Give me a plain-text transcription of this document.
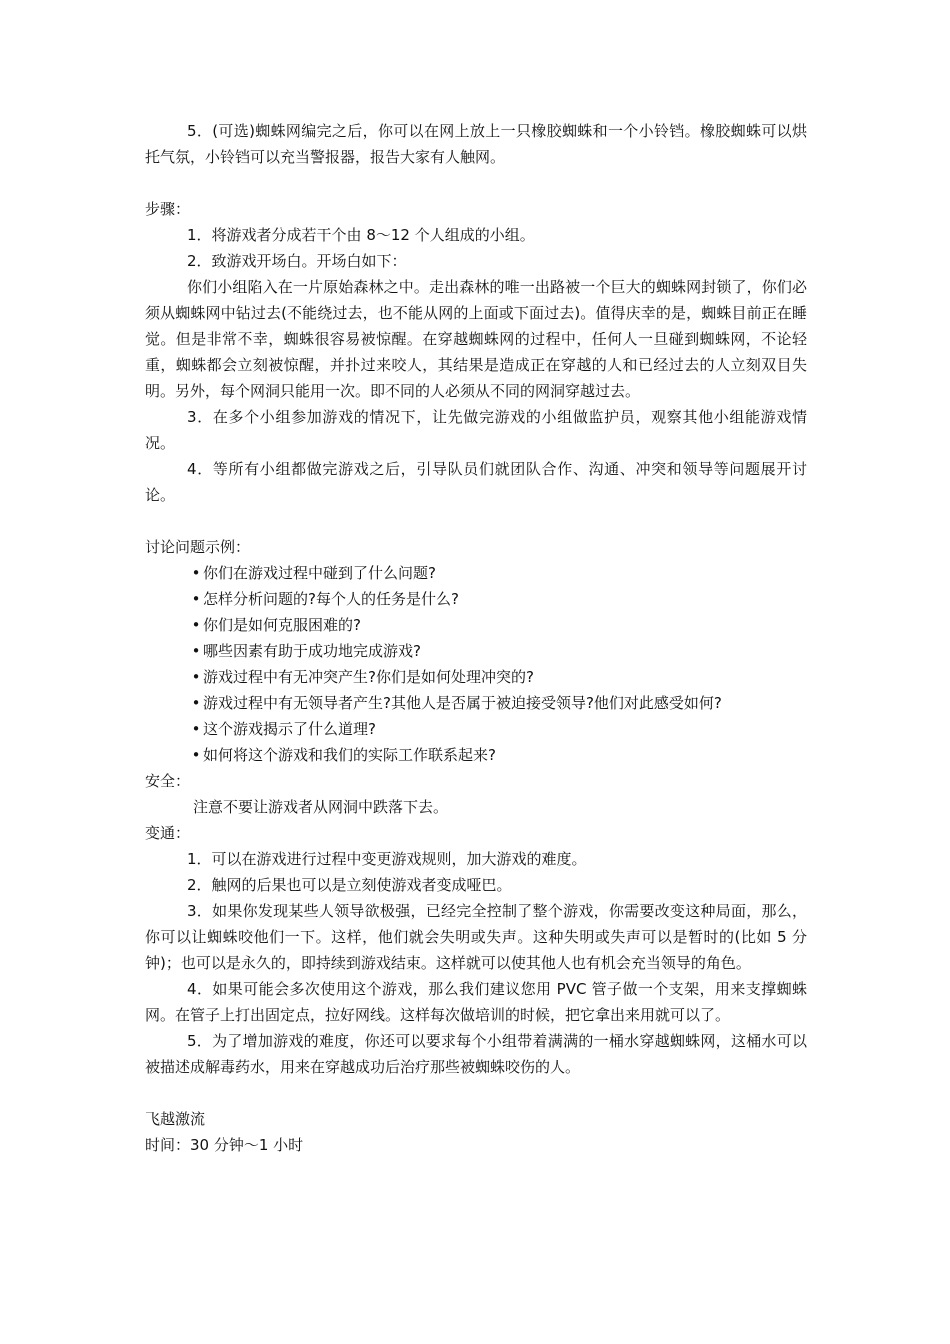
5．(可选)蜘蛛网编完之后，你可以在网上放上一只橡胶蜘蛛和一个小铃铛。橡胶蜘蛛可以烘托气氛，小铃铛可以充当警报器，报告大家有人触网。

步骤：

1．将游戏者分成若干个由 8～12 个人组成的小组。

2．致游戏开场白。开场白如下：

你们小组陷入在一片原始森林之中。走出森林的唯一出路被一个巨大的蜘蛛网封锁了，你们必须从蜘蛛网中钻过去(不能绕过去，也不能从网的上面或下面过去)。值得庆幸的是，蜘蛛目前正在睡觉。但是非常不幸，蜘蛛很容易被惊醒。在穿越蜘蛛网的过程中，任何人一旦碰到蜘蛛网，不论轻重，蜘蛛都会立刻被惊醒，并扑过来咬人，其结果是造成正在穿越的人和已经过去的人立刻双目失明。另外，每个网洞只能用一次。即不同的人必须从不同的网洞穿越过去。

3．在多个小组参加游戏的情况下，让先做完游戏的小组做监护员，观察其他小组能游戏情况。

4．等所有小组都做完游戏之后，引导队员们就团队合作、沟通、冲突和领导等问题展开讨论。

讨论问题示例：

• 你们在游戏过程中碰到了什么问题?

• 怎样分析问题的?每个人的任务是什么?

• 你们是如何克服困难的?

• 哪些因素有助于成功地完成游戏?

• 游戏过程中有无冲突产生?你们是如何处理冲突的?

• 游戏过程中有无领导者产生?其他人是否属于被迫接受领导?他们对此感受如何?

• 这个游戏揭示了什么道理?

• 如何将这个游戏和我们的实际工作联系起来?

安全：

注意不要让游戏者从网洞中跌落下去。

变通：

1．可以在游戏进行过程中变更游戏规则，加大游戏的难度。

2．触网的后果也可以是立刻使游戏者变成哑巴。

3．如果你发现某些人领导欲极强，已经完全控制了整个游戏，你需要改变这种局面，那么，你可以让蜘蛛咬他们一下。这样，他们就会失明或失声。这种失明或失声可以是暂时的(比如 5 分钟)；也可以是永久的，即持续到游戏结束。这样就可以使其他人也有机会充当领导的角色。

4．如果可能会多次使用这个游戏，那么我们建议您用 PVC 管子做一个支架，用来支撑蜘蛛网。在管子上打出固定点，拉好网线。这样每次做培训的时候，把它拿出来用就可以了。

5．为了增加游戏的难度，你还可以要求每个小组带着满满的一桶水穿越蜘蛛网，这桶水可以被描述成解毒药水，用来在穿越成功后治疗那些被蜘蛛咬伤的人。

飞越激流

时间：30 分钟～1 小时
